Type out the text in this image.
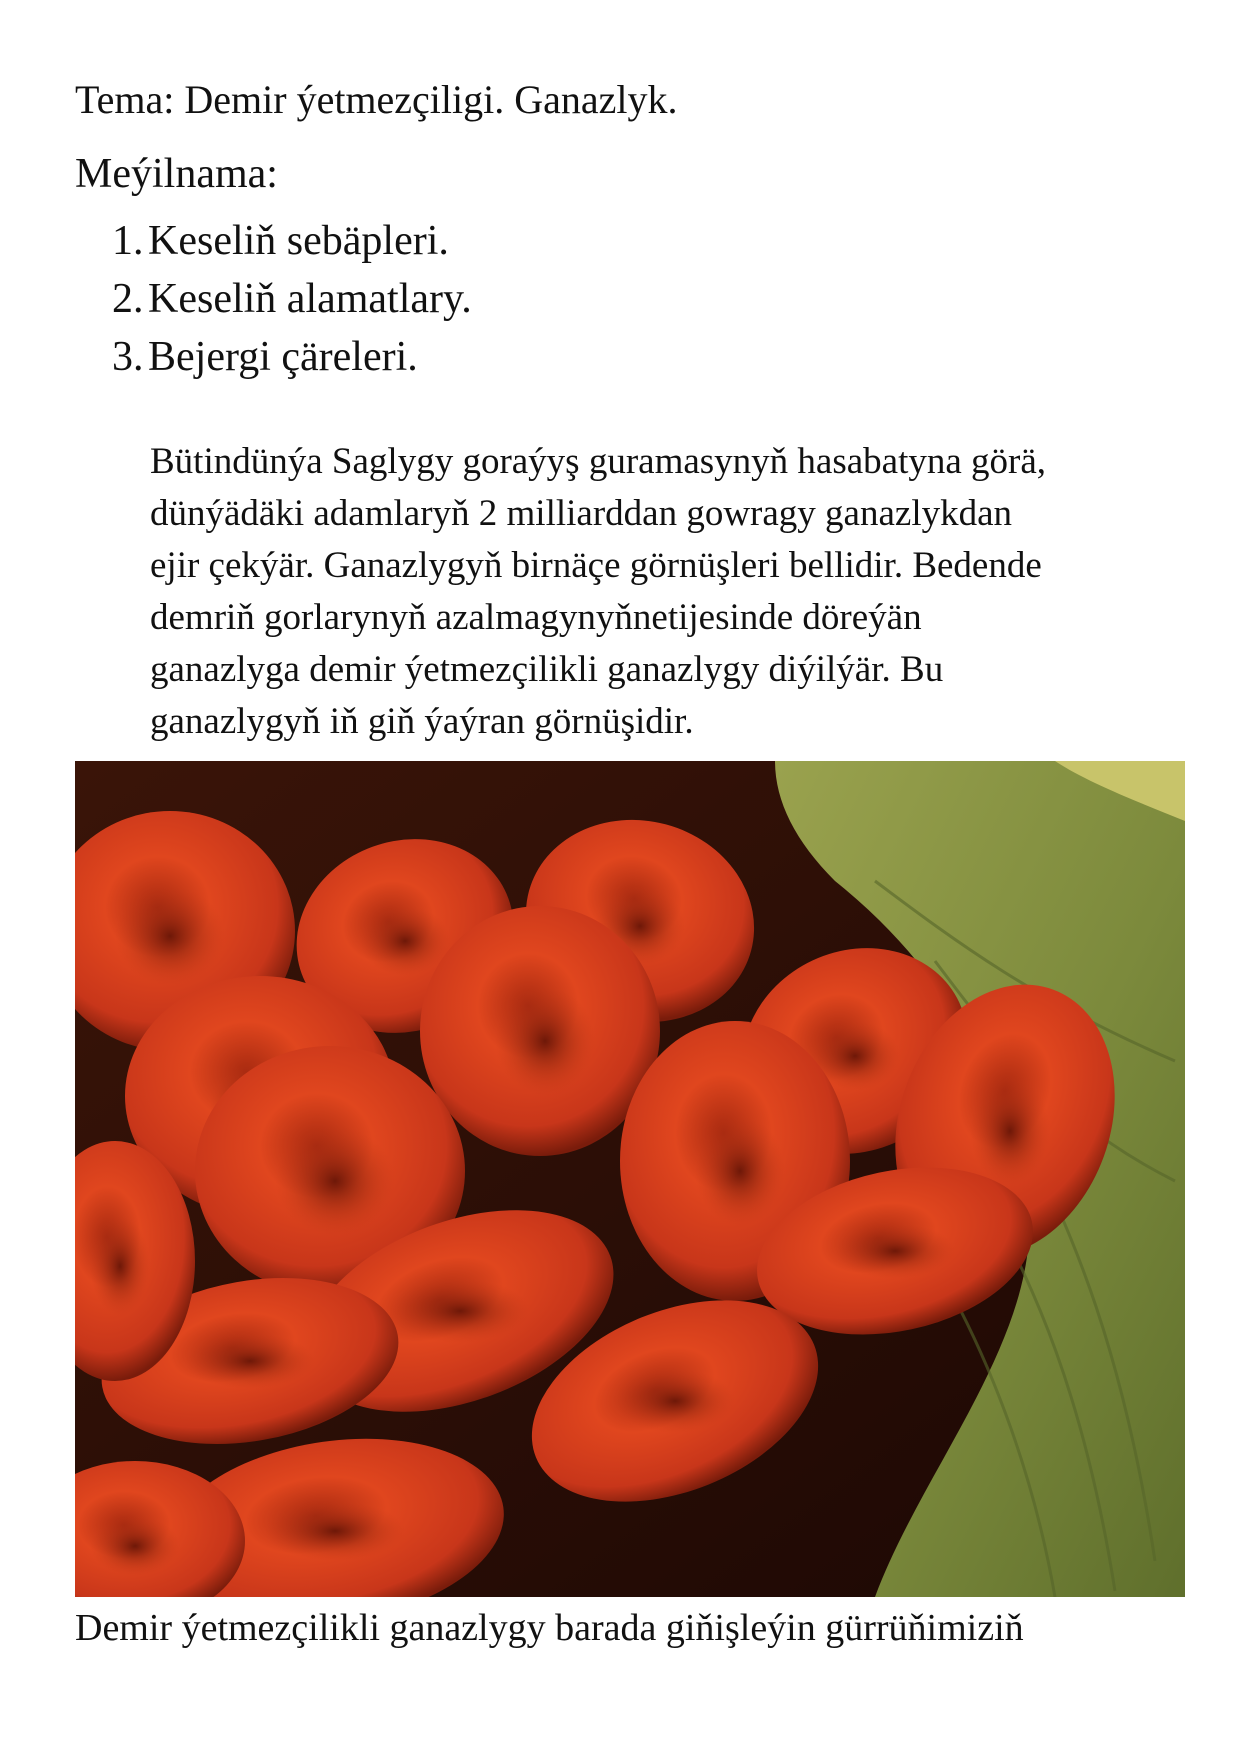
Tema: Demir ýetmezçiligi. Ganazlyk.
Meýilnama:
1. Keseliň sebäpleri.
2. Keseliň alamatlary.
3. Bejergi çäreleri.

Bütindünýa Saglygy goraýyş guramasynyň hasabatyna görä,
dünýädäki adamlaryň 2 milliarddan gowragy ganazlykdan
ejir çekýär. Ganazlygyň birnäçe görnüşleri bellidir. Bedende
demriň gorlarynyň azalmagynyňnetijesinde döreýän
ganazlyga demir ýetmezçilikli ganazlygy diýilýär. Bu
ganazlygyň iň giň ýaýran görnüşidir.

Demir ýetmezçilikli ganazlygy barada giňişleýin gürrüňimiziň
